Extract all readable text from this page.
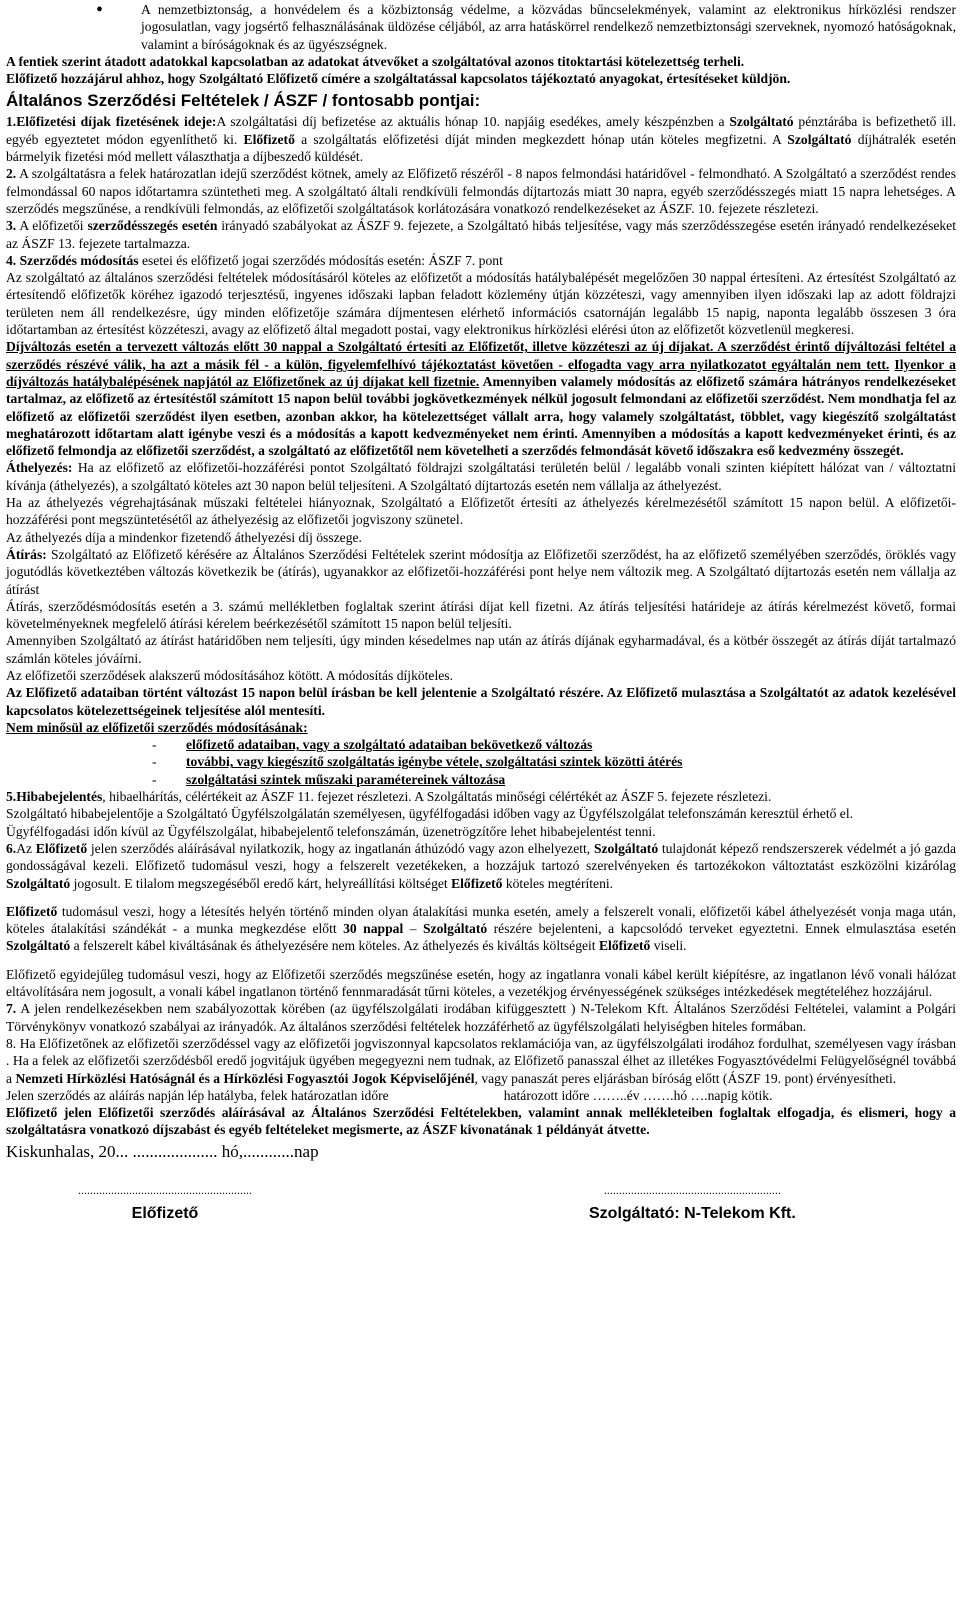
•	A nemzetbiztonság, a honvédelem és a közbiztonság védelme, a közvádas bűncselekmények, valamint az elektronikus hírközlési rendszer jogosulatlan, vagy jogsértő felhasználásának üldözése céljából, az arra hatáskörrel rendelkező nemzetbiztonsági szerveknek, nyomozó hatóságoknak, valamint a bíróságoknak és az ügyészségnek.

A fentiek szerint átadott adatokkal kapcsolatban az adatokat átvevőket a szolgáltatóval azonos titoktartási kötelezettség terheli.

Előfizető hozzájárul ahhoz, hogy Szolgáltató Előfizető címére a szolgáltatással kapcsolatos tájékoztató anyagokat, értesítéseket küldjön.

Általános Szerződési Feltételek / ÁSZF / fontosabb pontjai:

1.Előfizetési díjak fizetésének ideje:A szolgáltatási díj befizetése az aktuális hónap 10. napjáig esedékes, amely készpénzben a Szolgáltató pénztárába is befizethető ill. egyéb egyeztetet módon egyenlíthető ki. Előfizető a szolgáltatás előfizetési díját minden megkezdett hónap után köteles megfizetni. A Szolgáltató díjhátralék esetén bármelyik fizetési mód mellett választhatja a díjbeszedő küldését.

2. A szolgáltatásra a felek határozatlan idejű szerződést kötnek, amely az Előfizető részéről - 8 napos felmondási határidővel - felmondható. A Szolgáltató a szerződést rendes felmondással 60 napos időtartamra szüntetheti meg. A szolgáltató általi rendkívüli felmondás díjtartozás miatt 30 napra, egyéb szerződésszegés miatt 15 napra lehetséges. A szerződés megszűnése, a rendkívüli felmondás, az előfizetői szolgáltatások korlátozására vonatkozó rendelkezéseket az ÁSZF. 10. fejezete részletezi.

3. A előfizetői szerződésszegés esetén irányadó szabályokat az ÁSZF 9. fejezete, a Szolgáltató hibás teljesítése, vagy más szerződésszegése esetén irányadó rendelkezéseket az ÁSZF 13. fejezete tartalmazza.

4. Szerződés módosítás esetei és előfizető jogai szerződés módosítás esetén: ÁSZF 7. pont

Az szolgáltató az általános szerződési feltételek módosításáról köteles az előfizetőt a módosítás hatálybalépését megelőzően 30 nappal értesíteni. Az értesítést Szolgáltató az értesítendő előfizetők köréhez igazodó terjesztésű, ingyenes időszaki lapban feladott közlemény útján közzéteszi, vagy amennyiben ilyen időszaki lap az adott földrajzi területen nem áll rendelkezésre, úgy minden előfizetője számára díjmentesen elérhető információs csatornáján legalább 15 napig, naponta legalább összesen 3 óra időtartamban az értesítést közzéteszi, avagy az előfizető által megadott postai, vagy elektronikus hírközlési elérési úton az előfizetőt közvetlenül megkeresi.

Díjváltozás esetén a tervezett változás előtt 30 nappal a Szolgáltató értesíti az Előfizetőt, illetve közzéteszi az új díjakat. A szerződést érintő díjváltozási feltétel a szerződés részévé válik, ha azt a másik fél - a külön, figyelemfelhívó tájékoztatást követően - elfogadta vagy arra nyilatkozatot egyáltalán nem tett. Ilyenkor a díjváltozás hatálybalépésének napjától az Előfizetőnek az új díjakat kell fizetnie. Amennyiben valamely módosítás az előfizető számára hátrányos rendelkezéseket tartalmaz, az előfizető az értesítéstől számított 15 napon belül további jogkövetkezmények nélkül jogosult felmondani az előfizetői szerződést. Nem mondhatja fel az előfizető az előfizetői szerződést ilyen esetben, azonban akkor, ha kötelezettséget vállalt arra, hogy valamely szolgáltatást, többlet, vagy kiegészítő szolgáltatást meghatározott időtartam alatt igénybe veszi és a módosítás a kapott kedvezményeket nem érinti. Amennyiben a módosítás a kapott kedvezményeket érinti, és az előfizető felmondja az előfizetői szerződést, a szolgáltató az előfizetőtől nem követelheti a szerződés felmondását követő időszakra eső kedvezmény összegét.

Áthelyezés: Ha az előfizető az előfizetői-hozzáférési pontot Szolgáltató földrajzi szolgáltatási területén belül / legalább vonali szinten kiépített hálózat van / változtatni kívánja (áthelyezés), a szolgáltató köteles azt 30 napon belül teljesíteni. A Szolgáltató díjtartozás esetén nem vállalja az áthelyezést.

Ha az áthelyezés végrehajtásának műszaki feltételei hiányoznak, Szolgáltató a Előfizetőt értesíti az áthelyezés kérelmezésétől számított 15 napon belül. A előfizetői-hozzáférési pont megszüntetésétől az áthelyezésig az előfizetői jogviszony szünetel.

Az áthelyezés díja a mindenkor fizetendő áthelyezési díj összege.

Átírás: Szolgáltató az Előfizető kérésére az Általános Szerződési Feltételek szerint módosítja az Előfizetői szerződést, ha az előfizető személyében szerződés, öröklés vagy jogutódlás következtében változás következik be (átírás), ugyanakkor az előfizetői-hozzáférési pont helye nem változik meg. A Szolgáltató díjtartozás esetén nem vállalja az átírást

Átírás, szerződésmódosítás esetén a 3. számú mellékletben foglaltak szerint átírási díjat kell fizetni. Az átírás teljesítési határideje az átírás kérelmezést követő, formai követelményeknek megfelelő átírási kérelem beérkezésétől számított 15 napon belül teljesíti.

Amennyiben Szolgáltató az átírást határidőben nem teljesíti, úgy minden késedelmes nap után az átírás díjának egyharmadával, és a kötbér összegét az átírás díját tartalmazó számlán köteles jóváírni.

Az előfizetői szerződések alakszerű módosításához kötött. A módosítás díjköteles.

Az Előfizető adataiban történt változást 15 napon belül írásban be kell jelentenie a Szolgáltató részére. Az Előfizető mulasztása a Szolgáltatót az adatok kezelésével kapcsolatos kötelezettségeinek teljesítése alól mentesíti.

Nem minősül az előfizetői szerződés módosításának:

- előfizető adataiban, vagy a szolgáltató adataiban bekövetkező változás
- további, vagy kiegészítő szolgáltatás igénybe vétele, szolgáltatási szintek közötti átérés
- szolgáltatási szintek műszaki paramétereinek változása

5.Hibabejelentés, hibaelhárítás, célértékeit az ÁSZF 11. fejezet részletezi. A Szolgáltatás minőségi célértékét az ÁSZF 5. fejezete részletezi.

Szolgáltató hibabejelentője a Szolgáltató Ügyfélszolgálatán személyesen, ügyfélfogadási időben vagy az Ügyfélszolgálat telefonszámán keresztül érhető el.

Ügyfélfogadási időn kívül az Ügyfélszolgálat, hibabejelentő telefonszámán, üzenetrögzítőre lehet hibabejelentést tenni.

6.Az Előfizető jelen szerződés aláírásával nyilatkozik, hogy az ingatlanán áthúzódó vagy azon elhelyezett, Szolgáltató tulajdonát képező rendszerszerek védelmét a jó gazda gondosságával kezeli. Előfizető tudomásul veszi, hogy a felszerelt vezetékeken, a hozzájuk tartozó szerelvényeken és tartozékokon változtatást eszközölni kizárólag Szolgáltató jogosult. E tilalom megszegéséből eredő kárt, helyreállítási költséget Előfizető köteles megtéríteni.

Előfizető tudomásul veszi, hogy a létesítés helyén történő minden olyan átalakítási munka esetén, amely a felszerelt vonali, előfizetői kábel áthelyezését vonja maga után, köteles átalakítási szándékát - a munka megkezdése előtt 30 nappal – Szolgáltató részére bejelenteni, a kapcsolódó terveket egyeztetni. Ennek elmulasztása esetén Szolgáltató a felszerelt kábel kiváltásának és áthelyezésére nem köteles. Az áthelyezés és kiváltás költségeit Előfizető viseli.

Előfizető egyidejűleg tudomásul veszi, hogy az Előfizetői szerződés megszűnése esetén, hogy az ingatlanra vonali kábel került kiépítésre, az ingatlanon lévő vonali hálózat eltávolítására nem jogosult, a vonali kábel ingatlanon történő fennmaradását tűrni köteles, a vezetékjog érvényességének szükséges intézkedések megtételéhez hozzájárul.

7. A jelen rendelkezésekben nem szabályozottak körében (az ügyfélszolgálati irodában kifüggesztett ) N-Telekom Kft. Általános Szerződési Feltételei, valamint a Polgári Törvénykönyv vonatkozó szabályai az irányadók. Az általános szerződési feltételek hozzáférhető az ügyfélszolgálati helyiségben hiteles formában.

8. Ha Előfizetőnek az előfizetői szerződéssel vagy az előfizetői jogviszonnyal kapcsolatos reklamációja van, az ügyfélszolgálati irodához fordulhat, személyesen vagy írásban . Ha a felek az előfizetői szerződésből eredő jogvitájuk ügyében megegyezni nem tudnak, az Előfizető panasszal élhet az illetékes Fogyasztóvédelmi Felügyelőségnél továbbá a Nemzeti Hírközlési Hatóságnál és a Hírközlési Fogyasztói Jogok Képviselőjénél, vagy panaszát peres eljárásban bíróság előtt (ÁSZF 19. pont) érvényesítheti.

Jelen szerződés az aláírás napján lép hatályba, felek határozatlan időre	határozott időre ……..év …….hó ….napig kötik.

Előfizető jelen Előfizetői szerződés aláírásával az Általános Szerződési Feltételekben, valamint annak mellékleteiben foglaltak elfogadja, és elismeri, hogy a szolgáltatásra vonatkozó díjszabást és egyéb feltételeket megismerte, az ÁSZF kivonatának 1 példányát átvette.

Kiskunhalas, 20... .................... hó,............nap
..........................................................
Előfizető
...........................................................
Szolgáltató: N-Telekom Kft.
